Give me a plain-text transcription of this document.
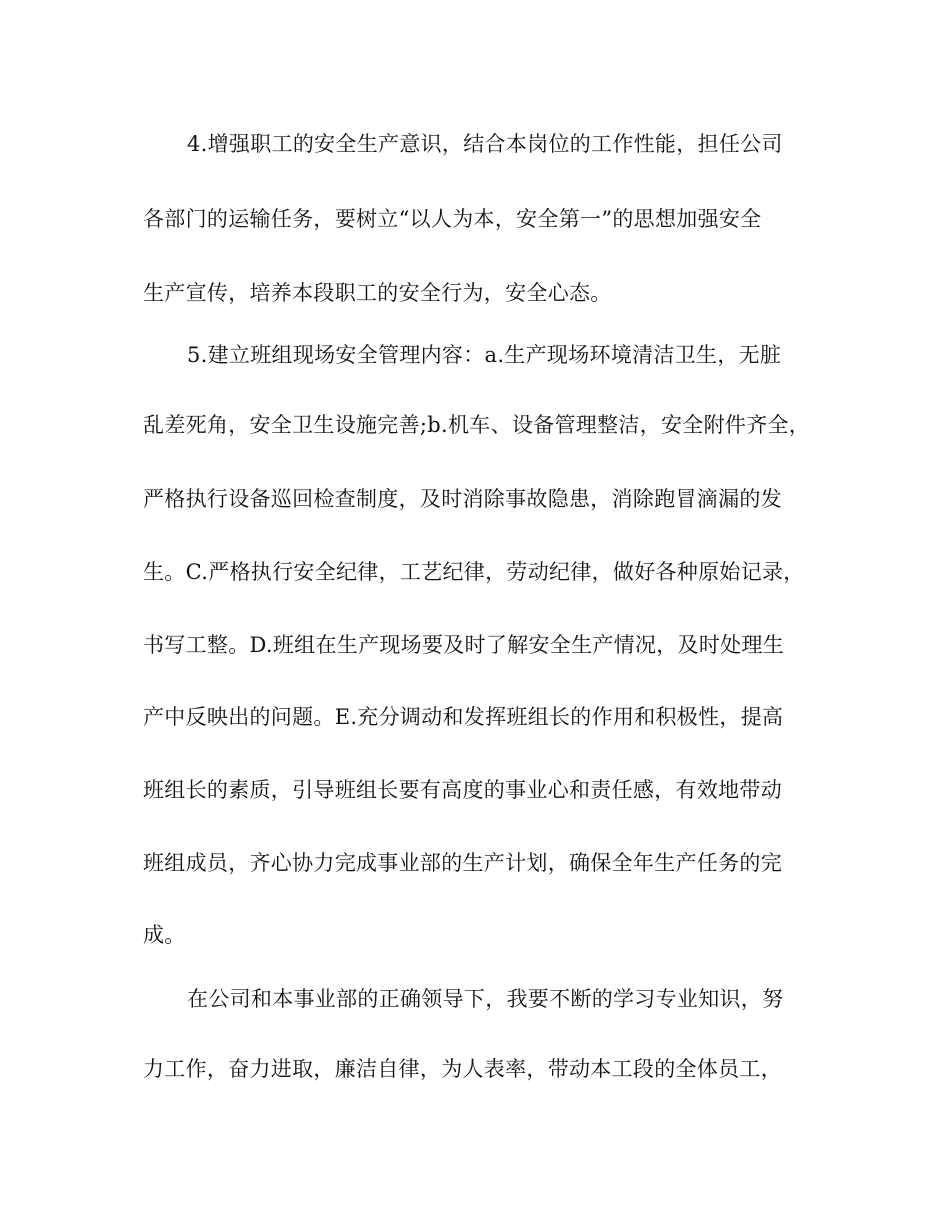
4.增强职工的安全生产意识，结合本岗位的工作性能，担任公司
各部门的运输任务，要树立“以人为本，安全第一”的思想加强安全
生产宣传，培养本段职工的安全行为，安全心态。
5.建立班组现场安全管理内容：a.生产现场环境清洁卫生，无脏
乱差死角，安全卫生设施完善;b.机车、设备管理整洁，安全附件齐全，
严格执行设备巡回检查制度，及时消除事故隐患，消除跑冒滴漏的发
生。C.严格执行安全纪律，工艺纪律，劳动纪律，做好各种原始记录，
书写工整。D.班组在生产现场要及时了解安全生产情况，及时处理生
产中反映出的问题。E.充分调动和发挥班组长的作用和积极性，提高
班组长的素质，引导班组长要有高度的事业心和责任感，有效地带动
班组成员，齐心协力完成事业部的生产计划，确保全年生产任务的完
成。
在公司和本事业部的正确领导下，我要不断的学习专业知识，努
力工作，奋力进取，廉洁自律，为人表率，带动本工段的全体员工，
